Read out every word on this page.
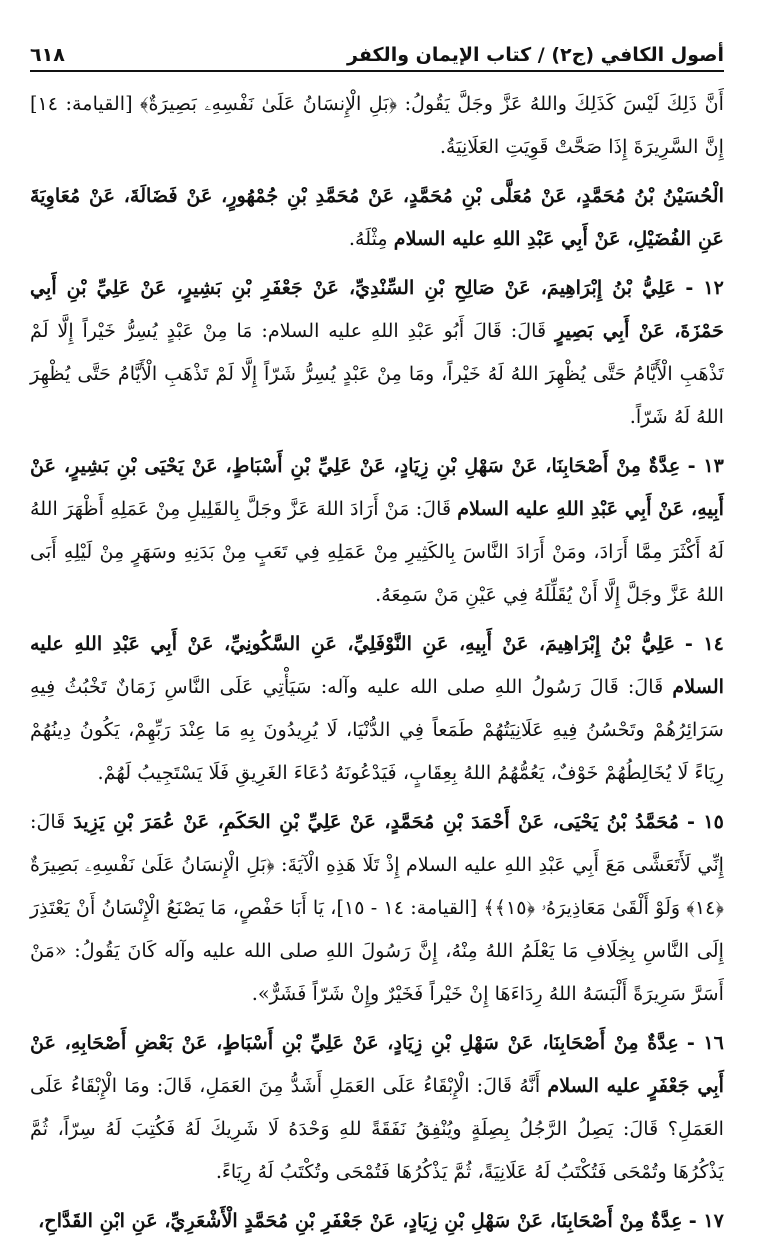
أصول الكافي (ج٢) / كتاب الإيمان والكفر
٦١٨

أَنَّ ذَلِكَ لَيْسَ كَذَلِكَ واللهُ عَزَّ وجَلَّ يَقُولُ: ﴿بَلِ الْإِنسَانُ عَلَىٰ نَفْسِهِۦ بَصِيرَةٌ﴾ [القيامة: ١٤] إِنَّ السَّرِيرَةَ إِذَا صَحَّتْ قَوِيَتِ العَلَانِيَةُ.

الْحُسَيْنُ بْنُ مُحَمَّدٍ، عَنْ مُعَلَّى بْنِ مُحَمَّدٍ، عَنْ مُحَمَّدِ بْنِ جُمْهُورٍ، عَنْ فَضَالَةَ، عَنْ مُعَاوِيَةَ عَنِ الفُضَيْلِ، عَنْ أَبِي عَبْدِ اللهِ عليه السلام مِثْلَهُ.

١٢ - عَلِيُّ بْنُ إِبْرَاهِيمَ، عَنْ صَالِحِ بْنِ السِّنْدِيِّ، عَنْ جَعْفَرِ بْنِ بَشِيرٍ، عَنْ عَلِيِّ بْنِ أَبِي حَمْزَةَ، عَنْ أَبِي بَصِيرٍ قَالَ: قَالَ أَبُو عَبْدِ اللهِ عليه السلام: مَا مِنْ عَبْدٍ يُسِرُّ خَيْراً إِلَّا لَمْ تَذْهَبِ الْأَيَّامُ حَتَّى يُظْهِرَ اللهُ لَهُ خَيْراً، ومَا مِنْ عَبْدٍ يُسِرُّ شَرّاً إِلَّا لَمْ تَذْهَبِ الْأَيَّامُ حَتَّى يُظْهِرَ اللهُ لَهُ شَرّاً.

١٣ - عِدَّةٌ مِنْ أَصْحَابِنَا، عَنْ سَهْلِ بْنِ زِيَادٍ، عَنْ عَلِيِّ بْنِ أَسْبَاطٍ، عَنْ يَحْيَى بْنِ بَشِيرٍ، عَنْ أَبِيهِ، عَنْ أَبِي عَبْدِ اللهِ عليه السلام قَالَ: مَنْ أَرَادَ اللهَ عَزَّ وجَلَّ بِالقَلِيلِ مِنْ عَمَلِهِ أَظْهَرَ اللهُ لَهُ أَكْثَرَ مِمَّا أَرَادَ، ومَنْ أَرَادَ النَّاسَ بِالكَثِيرِ مِنْ عَمَلِهِ فِي تَعَبٍ مِنْ بَدَنِهِ وسَهَرٍ مِنْ لَيْلِهِ أَبَى اللهُ عَزَّ وجَلَّ إِلَّا أَنْ يُقَلِّلَهُ فِي عَيْنِ مَنْ سَمِعَهُ.

١٤ - عَلِيُّ بْنُ إِبْرَاهِيمَ، عَنْ أَبِيهِ، عَنِ النَّوْفَلِيِّ، عَنِ السَّكُونِيِّ، عَنْ أَبِي عَبْدِ اللهِ عليه السلام قَالَ: قَالَ رَسُولُ اللهِ صلى الله عليه وآله: سَيَأْتِي عَلَى النَّاسِ زَمَانٌ تَخْبُثُ فِيهِ سَرَائِرُهُمْ وتَحْسُنُ فِيهِ عَلَانِيَتُهُمْ طَمَعاً فِي الدُّنْيَا، لَا يُرِيدُونَ بِهِ مَا عِنْدَ رَبِّهِمْ، يَكُونُ دِينُهُمْ رِيَاءً لَا يُخَالِطُهُمْ خَوْفٌ، يَعُمُّهُمُ اللهُ بِعِقَابٍ، فَيَدْعُونَهُ دُعَاءَ الغَرِيقِ فَلَا يَسْتَجِيبُ لَهُمْ.

١٥ - مُحَمَّدُ بْنُ يَحْيَى، عَنْ أَحْمَدَ بْنِ مُحَمَّدٍ، عَنْ عَلِيِّ بْنِ الحَكَمِ، عَنْ عُمَرَ بْنِ يَزِيدَ قَالَ: إِنِّي لَأَتَعَشَّى مَعَ أَبِي عَبْدِ اللهِ عليه السلام إِذْ تَلَا هَذِهِ الْآيَةَ: ﴿بَلِ الْإِنسَانُ عَلَىٰ نَفْسِهِۦ بَصِيرَةٌ ﴿١٤﴾ وَلَوْ أَلْقَىٰ مَعَاذِيرَهُۥ ﴿١٥﴾﴾ [القيامة: ١٤ - ١٥]، يَا أَبَا حَفْصٍ، مَا يَصْنَعُ الْإِنْسَانُ أَنْ يَعْتَذِرَ إِلَى النَّاسِ بِخِلَافِ مَا يَعْلَمُ اللهُ مِنْهُ، إِنَّ رَسُولَ اللهِ صلى الله عليه وآله كَانَ يَقُولُ: «مَنْ أَسَرَّ سَرِيرَةً أَلْبَسَهُ اللهُ رِدَاءَهَا إِنْ خَيْراً فَخَيْرٌ وإِنْ شَرّاً فَشَرٌّ».

١٦ - عِدَّةٌ مِنْ أَصْحَابِنَا، عَنْ سَهْلِ بْنِ زِيَادٍ، عَنْ عَلِيِّ بْنِ أَسْبَاطٍ، عَنْ بَعْضِ أَصْحَابِهِ، عَنْ أَبِي جَعْفَرٍ عليه السلام أَنَّهُ قَالَ: الْإِبْقَاءُ عَلَى العَمَلِ أَشَدُّ مِنَ العَمَلِ، قَالَ: ومَا الْإِبْقَاءُ عَلَى العَمَلِ؟ قَالَ: يَصِلُ الرَّجُلُ بِصِلَةٍ ويُنْفِقُ نَفَقَةً للهِ وَحْدَهُ لَا شَرِيكَ لَهُ فَكُتِبَ لَهُ سِرّاً، ثُمَّ يَذْكُرُهَا وتُمْحَى فَتُكْتَبُ لَهُ عَلَانِيَةً، ثُمَّ يَذْكُرُهَا فَتُمْحَى وتُكْتَبُ لَهُ رِيَاءً.

١٧ - عِدَّةٌ مِنْ أَصْحَابِنَا، عَنْ سَهْلِ بْنِ زِيَادٍ، عَنْ جَعْفَرِ بْنِ مُحَمَّدٍ الْأَشْعَرِيِّ، عَنِ ابْنِ القَدَّاحِ،
